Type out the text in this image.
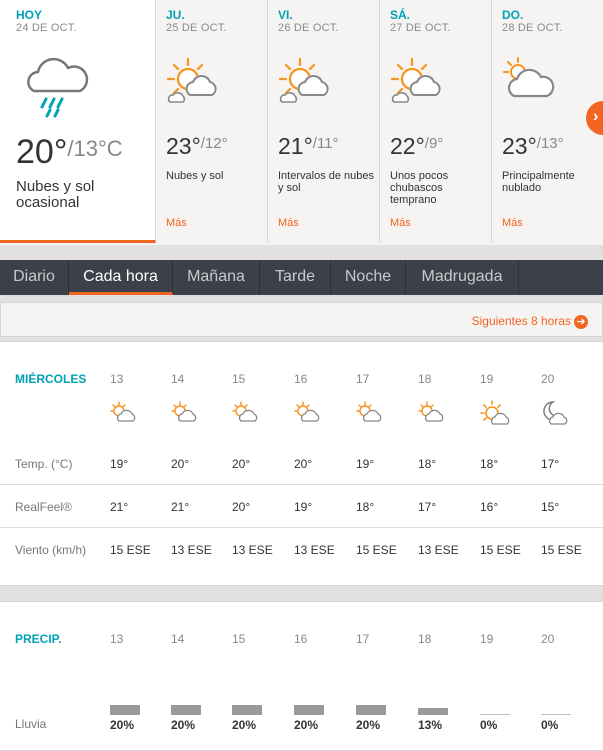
HOY
24 DE OCT.
20°$^{/13^\circ C}$
Nubes y sol ocasional
JU.
25 DE OCT.
23°$^{/12^\circ}$
Nubes y sol
Más
VI.
26 DE OCT.
21°$^{/11^\circ}$
Intervalos de nubes y sol
Más
SÁ.
27 DE OCT.
22°$^{/9^\circ}$
Unos pocos chubascos temprano
Más
DO.
28 DE OCT.
23°$^{/13^\circ}$
Principalmente nublado
Más
›
Diario	Cada hora	Mañana	Tarde	Noche	Madrugada
Siguientes 8 horas ➜
MIÉRCOLES 13	14	15	16	17	18	19	20
Temp. (°C)	19°	20°	20°	20°	19°	18°	18°	17°
RealFeel®	21°	21°	20°	19°	18°	17°	16°	15°
Viento (km/h) 15 ESE 13 ESE 13 ESE 13 ESE 15 ESE 13 ESE 15 ESE 15 ESE
PRECIP.	13	14	15	16	17	18	19	20
Lluvia	20%	20%	20%	20%	20%	13%	0%	0%
